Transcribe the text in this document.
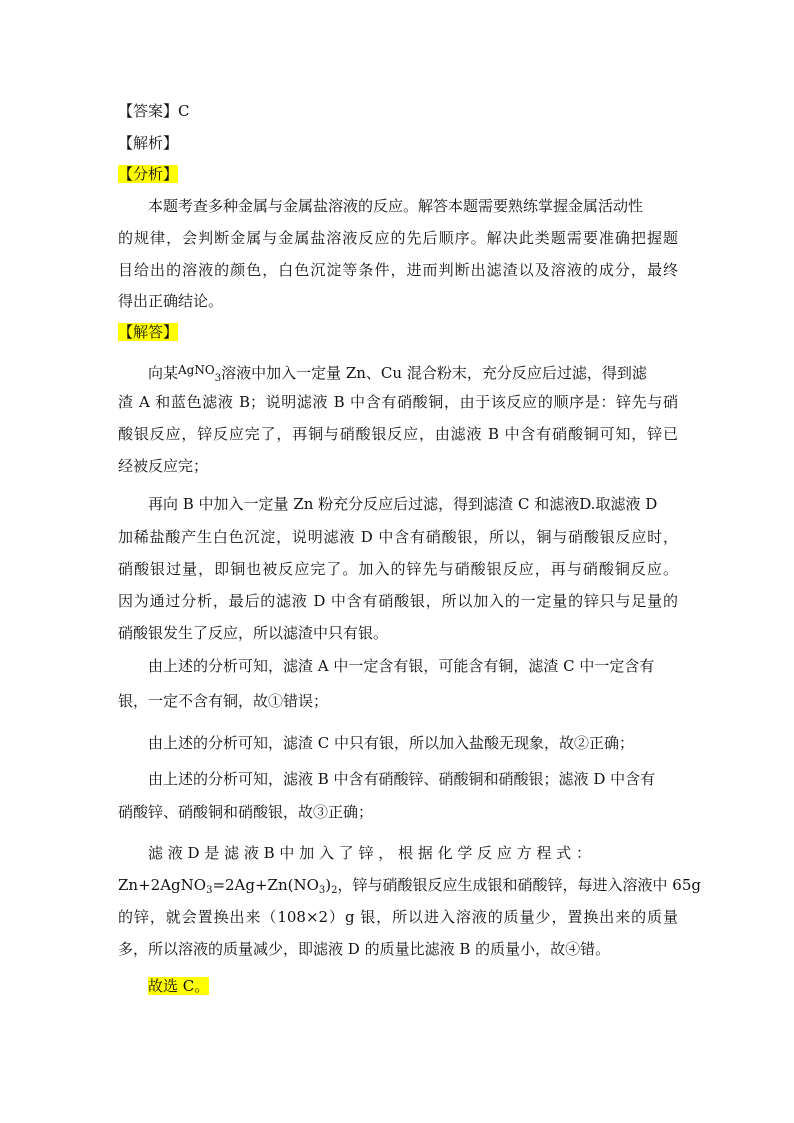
【答案】C
【解析】
【分析】
本题考查多种金属与金属盐溶液的反应。解答本题需要熟练掌握金属活动性
的规律，会判断金属与金属盐溶液反应的先后顺序。解决此类题需要准确把握题
目给出的溶液的颜色，白色沉淀等条件，进而判断出滤渣以及溶液的成分，最终
得出正确结论。
【解答】
向某$^{AgNO}_3$溶液中加入一定量 Zn、Cu 混合粉末，充分反应后过滤，得到滤
渣 A 和蓝色滤液 B；说明滤液 B 中含有硝酸铜，由于该反应的顺序是：锌先与硝
酸银反应，锌反应完了，再铜与硝酸银反应，由滤液 B 中含有硝酸铜可知，锌已
经被反应完；
再向 B 中加入一定量 Zn 粉充分反应后过滤，得到滤渣 C 和滤液D.取滤液 D
加稀盐酸产生白色沉淀，说明滤液 D 中含有硝酸银，所以，铜与硝酸银反应时，
硝酸银过量，即铜也被反应完了。加入的锌先与硝酸银反应，再与硝酸铜反应。
因为通过分析，最后的滤液 D 中含有硝酸银，所以加入的一定量的锌只与足量的
硝酸银发生了反应，所以滤渣中只有银。
由上述的分析可知，滤渣 A 中一定含有银，可能含有铜，滤渣 C 中一定含有
银，一定不含有铜，故①错误；
由上述的分析可知，滤渣 C 中只有银，所以加入盐酸无现象，故②正确；
由上述的分析可知，滤液 B 中含有硝酸锌、硝酸铜和硝酸银；滤液 D 中含有
硝酸锌、硝酸铜和硝酸银，故③正确；
滤 液 D 是 滤 液 B 中 加 入 了 锌 ， 根 据 化 学 反 应 方 程 式 ：
$Zn+2AgNO_3=2Ag+Zn(NO_3)_2$，锌与硝酸银反应生成银和硝酸锌，每进入溶液中 65g
的锌，就会置换出来（108×2）g 银，所以进入溶液的质量少，置换出来的质量
多，所以溶液的质量减少，即滤液 D 的质量比滤液 B 的质量小，故④错。
故选 C。
